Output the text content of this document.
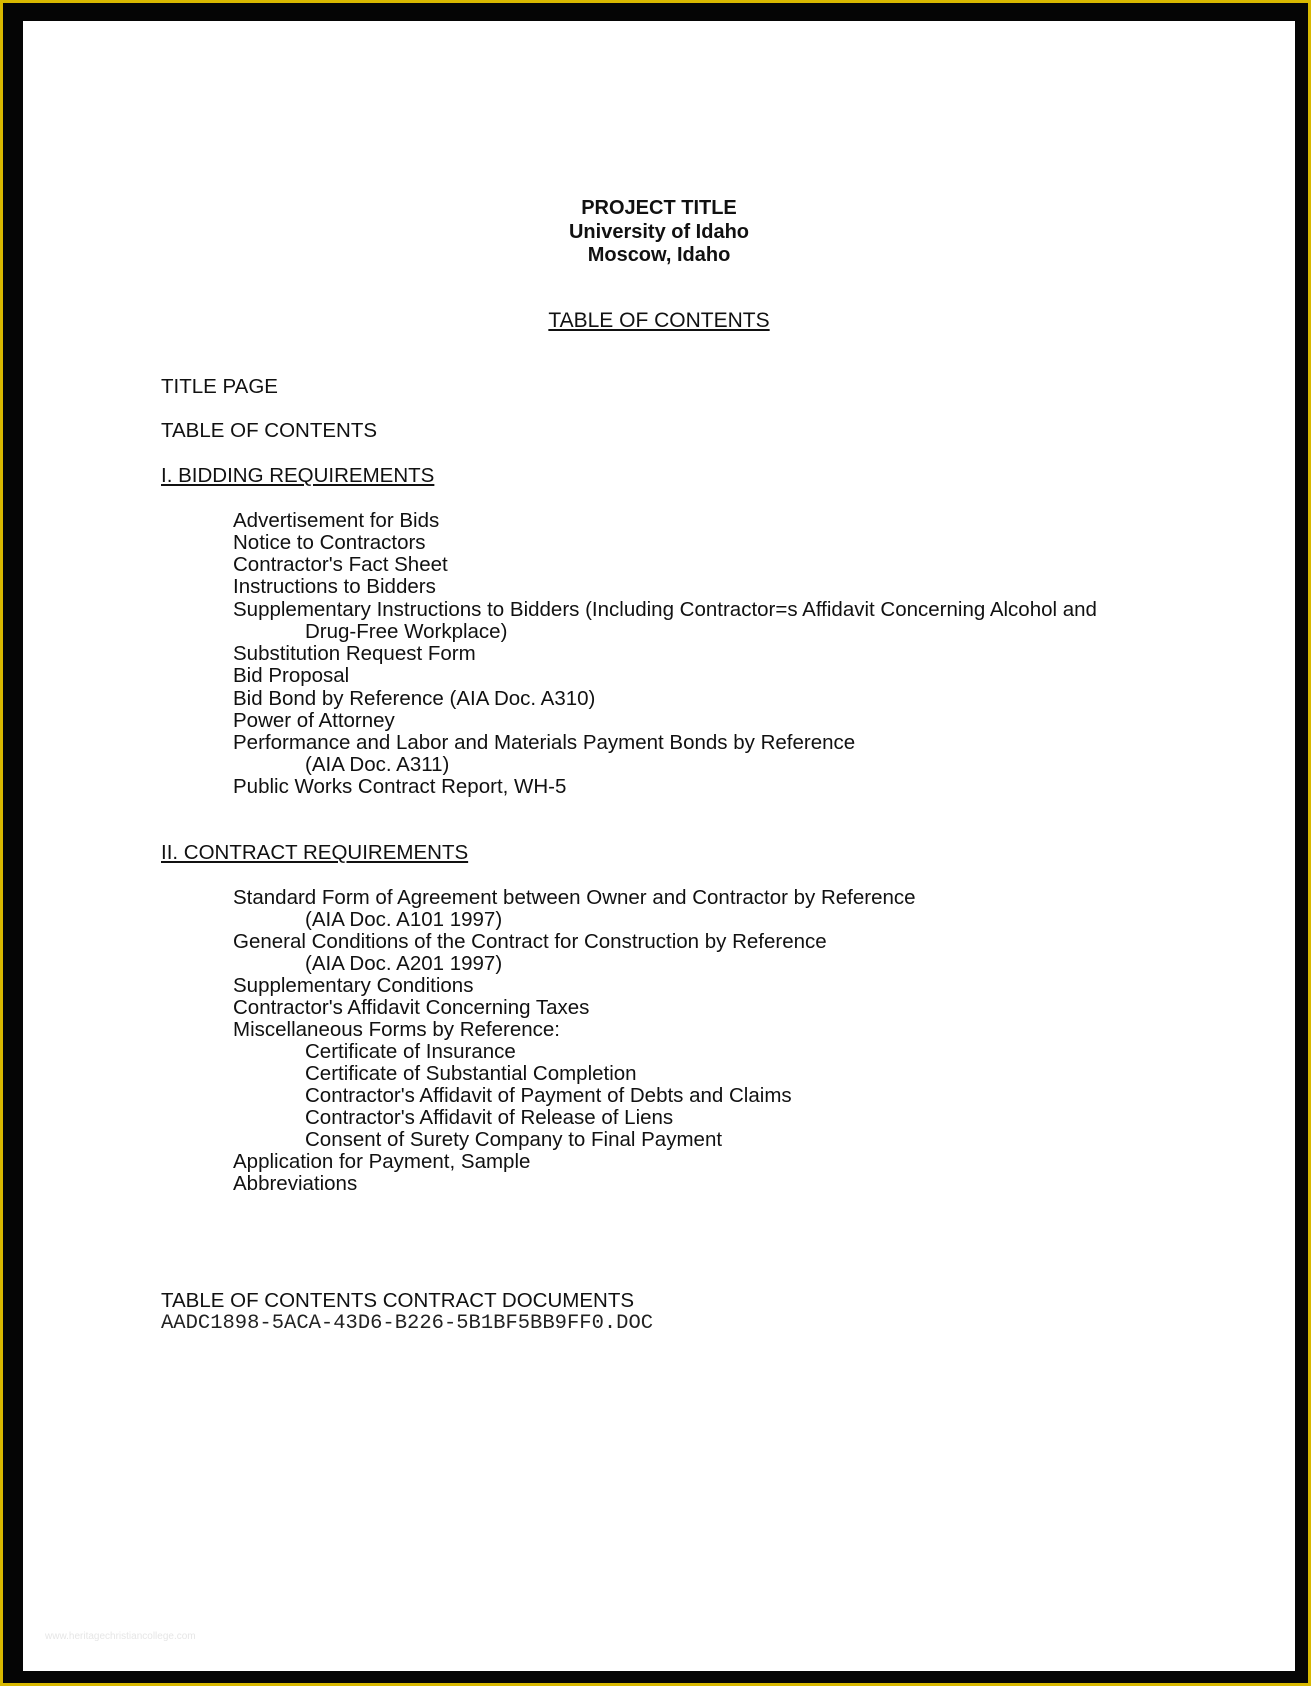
PROJECT TITLE
University of Idaho
Moscow, Idaho
TABLE OF CONTENTS
TITLE PAGE
TABLE OF CONTENTS
I. BIDDING REQUIREMENTS
Advertisement for Bids
Notice to Contractors
Contractor's Fact Sheet
Instructions to Bidders
Supplementary Instructions to Bidders (Including Contractor=s Affidavit Concerning Alcohol and
Drug-Free Workplace)
Substitution Request Form
Bid Proposal
Bid Bond by Reference (AIA Doc. A310)
Power of Attorney
Performance and Labor and Materials Payment Bonds by Reference
(AIA Doc. A311)
Public Works Contract Report, WH-5
II. CONTRACT REQUIREMENTS
Standard Form of Agreement between Owner and Contractor by Reference
(AIA Doc. A101 1997)
General Conditions of the Contract for Construction by Reference
(AIA Doc. A201 1997)
Supplementary Conditions
Contractor's Affidavit Concerning Taxes
Miscellaneous Forms by Reference:
Certificate of Insurance
Certificate of Substantial Completion
Contractor's Affidavit of Payment of Debts and Claims
Contractor's Affidavit of Release of Liens
Consent of Surety Company to Final Payment
Application for Payment, Sample
Abbreviations
TABLE OF CONTENTS CONTRACT DOCUMENTS
AADC1898-5ACA-43D6-B226-5B1BF5BB9FF0.DOC
www.heritagechristiancollege.com
